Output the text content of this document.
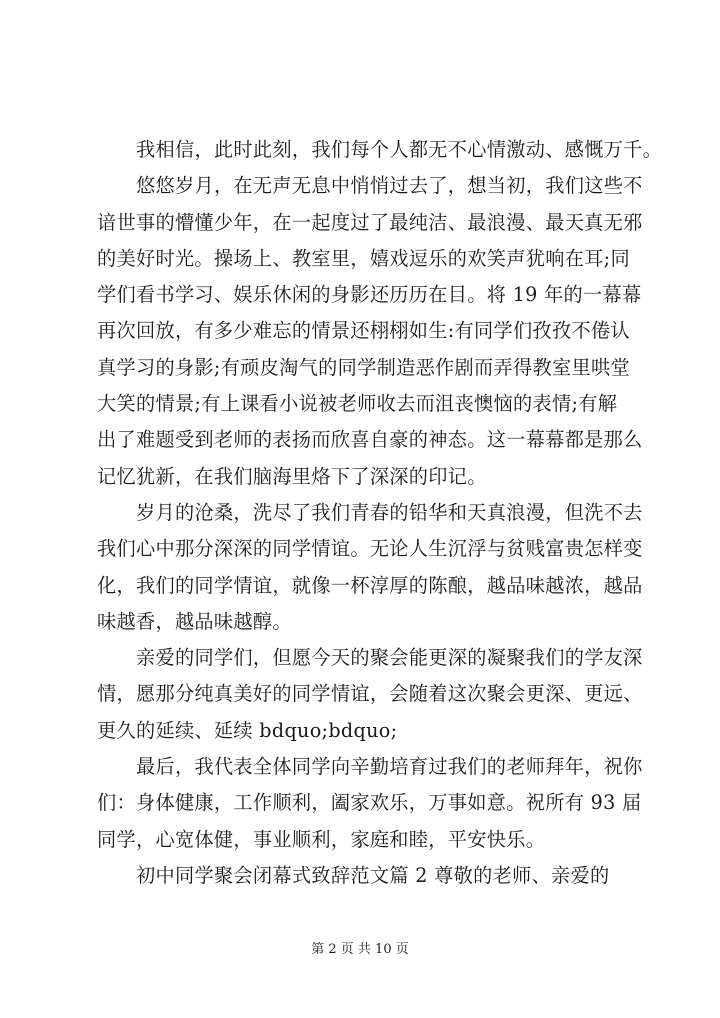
我相信，此时此刻，我们每个人都无不心情激动、感慨万千。
悠悠岁月，在无声无息中悄悄过去了，想当初，我们这些不
谙世事的懵懂少年，在一起度过了最纯洁、最浪漫、最天真无邪
的美好时光。操场上、教室里，嬉戏逗乐的欢笑声犹响在耳;同
学们看书学习、娱乐休闲的身影还历历在目。将 19 年的一幕幕
再次回放，有多少难忘的情景还栩栩如生:有同学们孜孜不倦认
真学习的身影;有顽皮淘气的同学制造恶作剧而弄得教室里哄堂
大笑的情景;有上课看小说被老师收去而沮丧懊恼的表情;有解
出了难题受到老师的表扬而欣喜自豪的神态。这一幕幕都是那么
记忆犹新，在我们脑海里烙下了深深的印记。
岁月的沧桑，洗尽了我们青春的铅华和天真浪漫，但洗不去
我们心中那分深深的同学情谊。无论人生沉浮与贫贱富贵怎样变
化，我们的同学情谊，就像一杯淳厚的陈酿，越品味越浓，越品
味越香，越品味越醇。
亲爱的同学们，但愿今天的聚会能更深的凝聚我们的学友深
情，愿那分纯真美好的同学情谊，会随着这次聚会更深、更远、
更久的延续、延续 bdquo;bdquo;
最后，我代表全体同学向辛勤培育过我们的老师拜年，祝你
们：身体健康，工作顺利，阖家欢乐，万事如意。祝所有 93 届
同学，心宽体健，事业顺利，家庭和睦，平安快乐。
初中同学聚会闭幕式致辞范文篇 2 尊敬的老师、亲爱的
第 2 页 共 10 页
